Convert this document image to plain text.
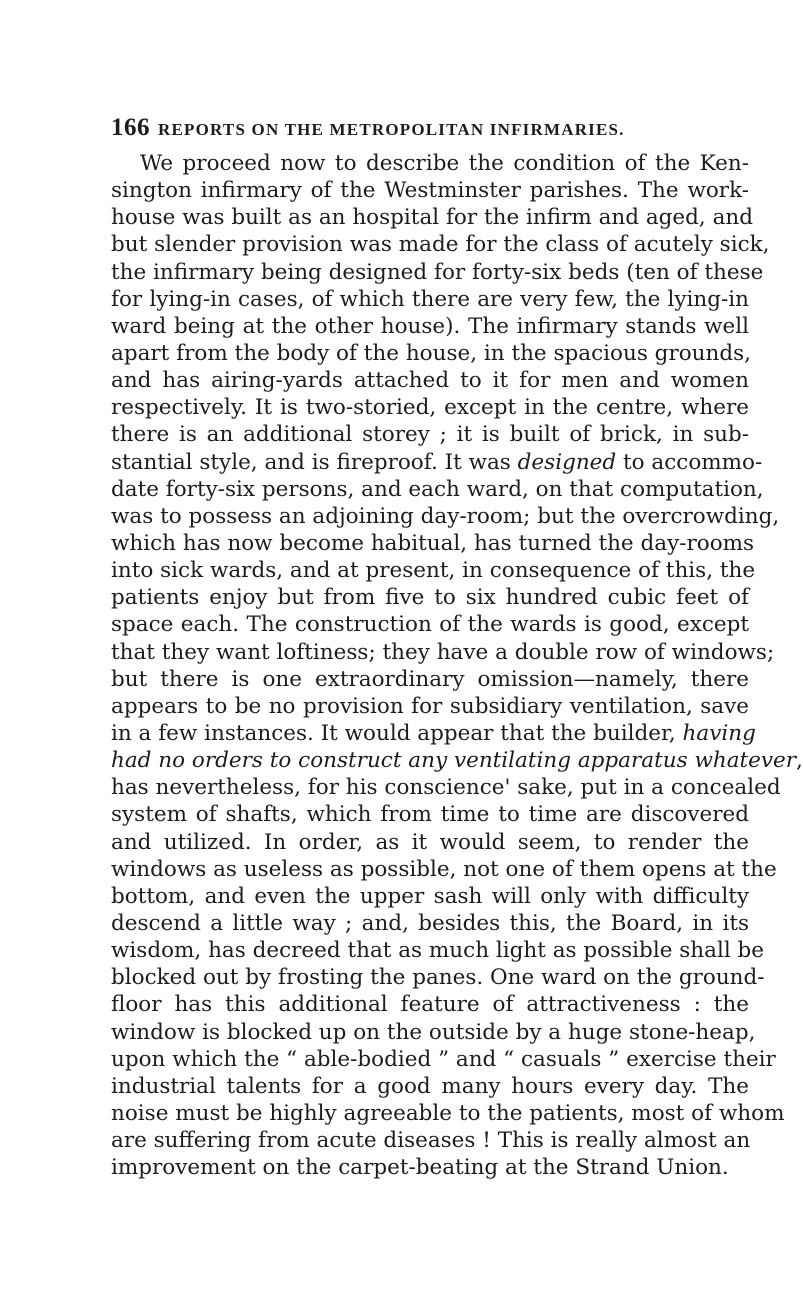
166 REPORTS ON THE METROPOLITAN INFIRMARIES.
We proceed now to describe the condition of the Ken-
sington infirmary of the Westminster parishes. The work-
house was built as an hospital for the infirm and aged, and
but slender provision was made for the class of acutely sick,
the infirmary being designed for forty-six beds (ten of these
for lying-in cases, of which there are very few, the lying-in
ward being at the other house). The infirmary stands well
apart from the body of the house, in the spacious grounds,
and has airing-yards attached to it for men and women
respectively. It is two-storied, except in the centre, where
there is an additional storey ; it is built of brick, in sub-
stantial style, and is fireproof. It was designed to accommo-
date forty-six persons, and each ward, on that computation,
was to possess an adjoining day-room; but the overcrowding,
which has now become habitual, has turned the day-rooms
into sick wards, and at present, in consequence of this, the
patients enjoy but from five to six hundred cubic feet of
space each. The construction of the wards is good, except
that they want loftiness; they have a double row of windows;
but there is one extraordinary omission—namely, there
appears to be no provision for subsidiary ventilation, save
in a few instances. It would appear that the builder, having
had no orders to construct any ventilating apparatus whatever,
has nevertheless, for his conscience' sake, put in a concealed
system of shafts, which from time to time are discovered
and utilized. In order, as it would seem, to render the
windows as useless as possible, not one of them opens at the
bottom, and even the upper sash will only with difficulty
descend a little way ; and, besides this, the Board, in its
wisdom, has decreed that as much light as possible shall be
blocked out by frosting the panes. One ward on the ground-
floor has this additional feature of attractiveness : the
window is blocked up on the outside by a huge stone-heap,
upon which the “ able-bodied ” and “ casuals ” exercise their
industrial talents for a good many hours every day. The
noise must be highly agreeable to the patients, most of whom
are suffering from acute diseases ! This is really almost an
improvement on the carpet-beating at the Strand Union.
